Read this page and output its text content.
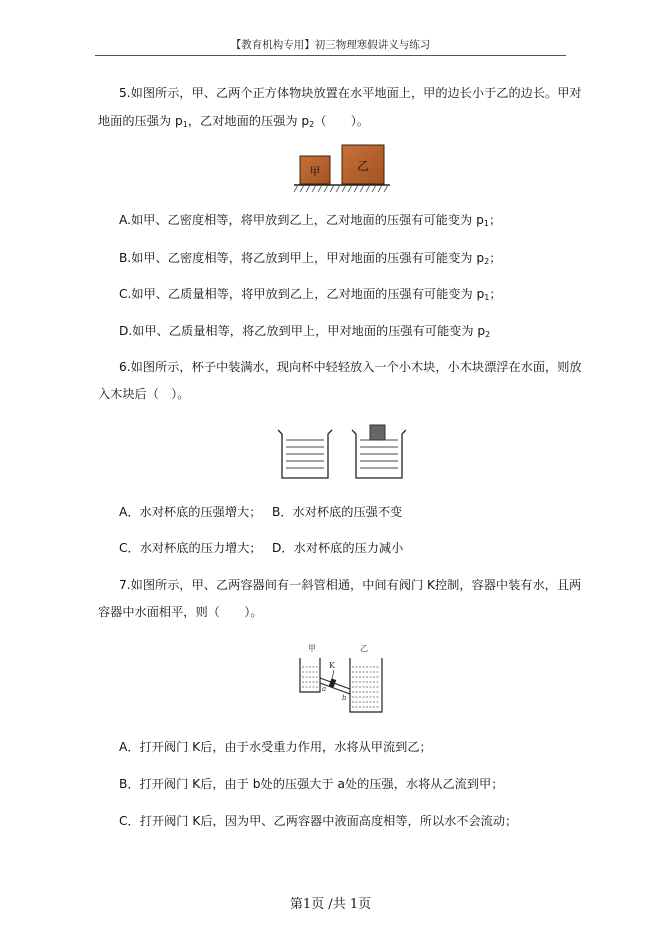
【教育机构专用】初三物理寒假讲义与练习
5.如图所示，甲、乙两个正方体物块放置在水平地面上，甲的边长小于乙的边长。甲对
地面的压强为 $p_1$，乙对地面的压强为 $p_2$（　　）。
甲	乙
A.如甲、乙密度相等，将甲放到乙上，乙对地面的压强有可能变为 $p_1$；
B.如甲、乙密度相等，将乙放到甲上，甲对地面的压强有可能变为 $p_2$；
C.如甲、乙质量相等，将甲放到乙上，乙对地面的压强有可能变为 $p_1$；
D.如甲、乙质量相等，将乙放到甲上，甲对地面的压强有可能变为 $p_2$
6.如图所示，杯子中装满水，现向杯中轻轻放入一个小木块，小木块漂浮在水面，则放
入木块后（　）。
A．水对杯底的压强增大； B．水对杯底的压强不变
C．水对杯底的压力增大； D．水对杯底的压力减小
7.如图所示，甲、乙两容器间有一斜管相通，中间有阀门 K控制，容器中装有水，且两
容器中水面相平，则（　　）。
甲	乙
K
a
b
A．打开阀门 K后，由于水受重力作用，水将从甲流到乙；
B．打开阀门 K后，由于 b处的压强大于 a处的压强，水将从乙流到甲；
C．打开阀门 K后，因为甲、乙两容器中液面高度相等，所以水不会流动；
第1页 /共 1页
